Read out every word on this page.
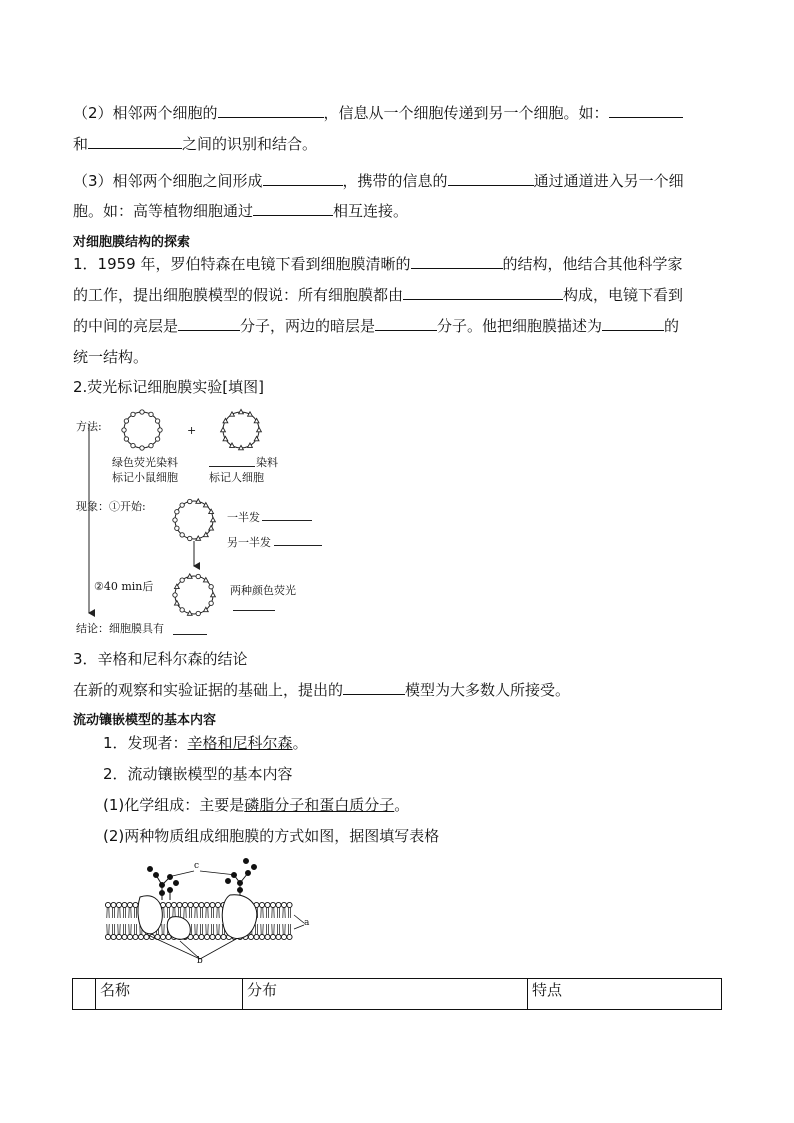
（2）相邻两个细胞的	，信息从一个细胞传递到另一个细胞。如：
和	之间的识别和结合。
（3）相邻两个细胞之间形成	，携带的信息的	通过通道进入另一个细
胞。如：高等植物细胞通过	相互连接。
对细胞膜结构的探索
1．1959 年，罗伯特森在电镜下看到细胞膜清晰的	的结构，他结合其他科学家
的工作，提出细胞膜模型的假说：所有细胞膜都由	构成，电镜下看到
的中间的亮层是	分子，两边的暗层是	分子。他把细胞膜描述为	的
统一结构。
2.荧光标记细胞膜实验[填图]
方法:	+
绿色荧光染料
标记小鼠细胞
染料
标记人细胞
现象：①开始:
一半发
另一半发
②40 min后	两种颜色荧光
结论：细胞膜具有
3．辛格和尼科尔森的结论
在新的观察和实验证据的基础上，提出的	模型为大多数人所接受。
流动镶嵌模型的基本内容
1．发现者：辛格和尼科尔森。
2．流动镶嵌模型的基本内容
(1)化学组成：主要是磷脂分子和蛋白质分子。
(2)两种物质组成细胞膜的方式如图，据图填写表格
c
a
b
	名称	分布	特点
